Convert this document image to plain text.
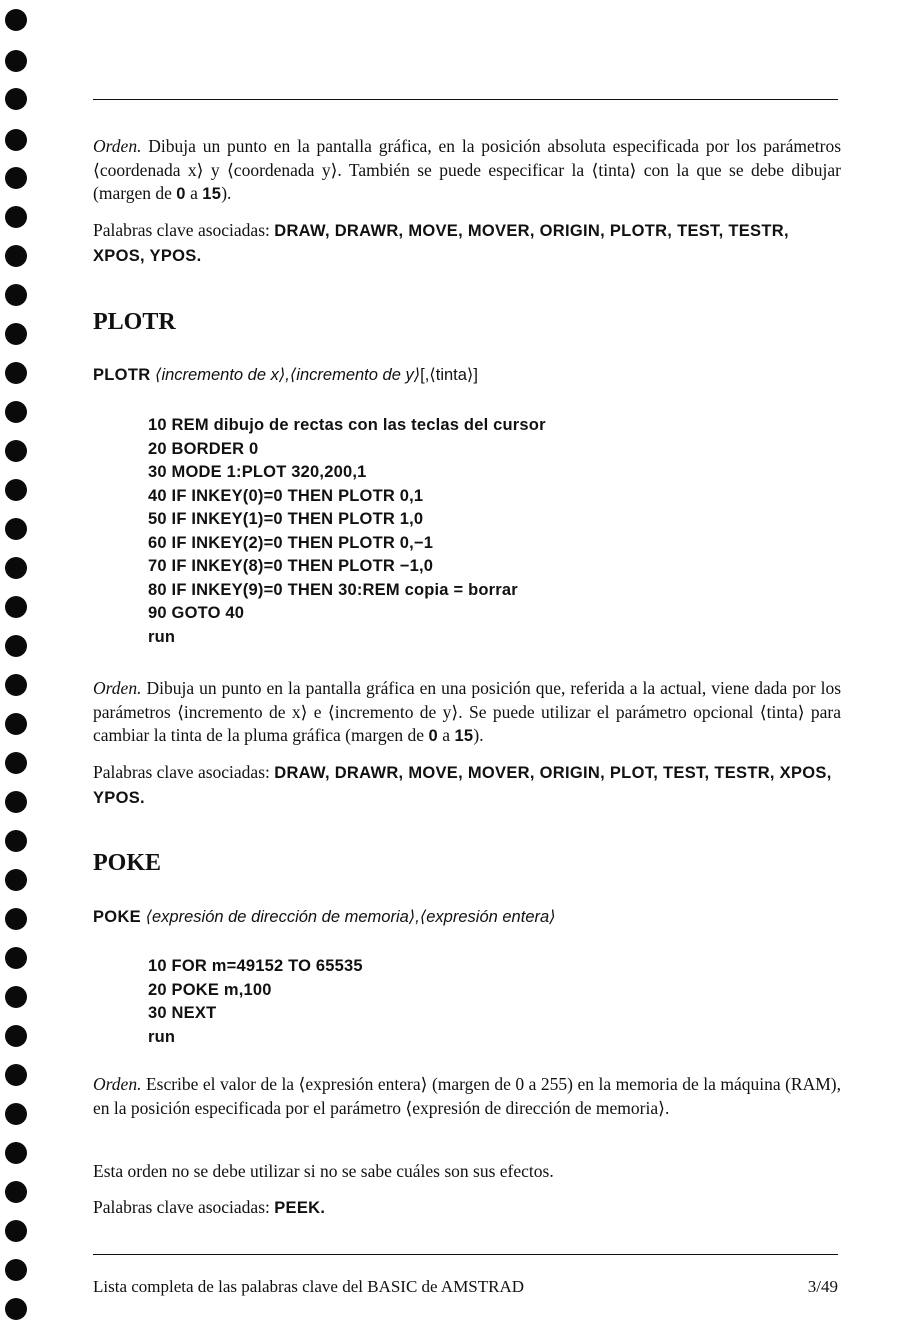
Orden. Dibuja un punto en la pantalla gráfica, en la posición absoluta especificada por los parámetros ⟨coordenada x⟩ y ⟨coordenada y⟩. También se puede especificar la ⟨tinta⟩ con la que se debe dibujar (margen de 0 a 15).
Palabras clave asociadas: DRAW, DRAWR, MOVE, MOVER, ORIGIN, PLOTR, TEST, TESTR, XPOS, YPOS.
PLOTR
PLOTR ⟨incremento de x⟩,⟨incremento de y⟩[,⟨tinta⟩]
10 REM dibujo de rectas con las teclas del cursor
20 BORDER 0
30 MODE 1:PLOT 320,200,1
40 IF INKEY(0)=0 THEN PLOTR 0,1
50 IF INKEY(1)=0 THEN PLOTR 1,0
60 IF INKEY(2)=0 THEN PLOTR 0,−1
70 IF INKEY(8)=0 THEN PLOTR −1,0
80 IF INKEY(9)=0 THEN 30:REM copia = borrar
90 GOTO 40
run
Orden. Dibuja un punto en la pantalla gráfica en una posición que, referida a la actual, viene dada por los parámetros ⟨incremento de x⟩ e ⟨incremento de y⟩. Se puede utilizar el parámetro opcional ⟨tinta⟩ para cambiar la tinta de la pluma gráfica (margen de 0 a 15).
Palabras clave asociadas: DRAW, DRAWR, MOVE, MOVER, ORIGIN, PLOT, TEST, TESTR, XPOS, YPOS.
POKE
POKE ⟨expresión de dirección de memoria⟩,⟨expresión entera⟩
10 FOR m=49152 TO 65535
20 POKE m,100
30 NEXT
run
Orden. Escribe el valor de la ⟨expresión entera⟩ (margen de 0 a 255) en la memoria de la máquina (RAM), en la posición especificada por el parámetro ⟨expresión de dirección de memoria⟩.
Esta orden no se debe utilizar si no se sabe cuáles son sus efectos.
Palabras clave asociadas: PEEK.
Lista completa de las palabras clave del BASIC de AMSTRAD	3/49
